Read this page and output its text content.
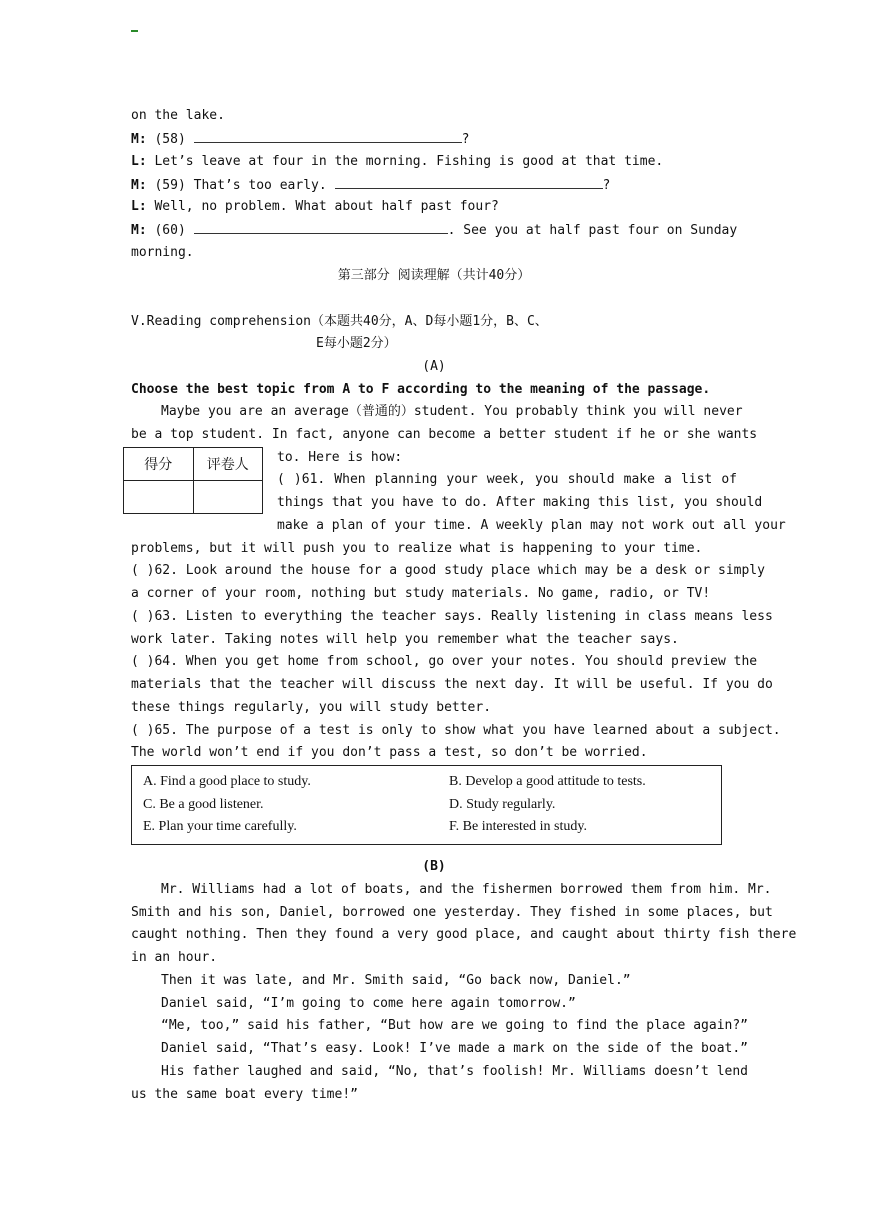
on the lake.
M: (58)	?
L: Let’s leave at four in the morning. Fishing is good at that time.
M: (59) That’s too early.	?
L: Well, no problem. What about half past four?
M: (60)	. See you at half past four on Sunday
morning.
第三部分 阅读理解（共计40分）
V.Reading comprehension（本题共40分，A、D每小题1分，B、C、
E每小题2分）
(A)
Choose the best topic from A to F according to the meaning of the passage.
Maybe you are an average（普通的）student. You probably think you will never
be a top student. In fact, anyone can become a better student if he or she wants
to. Here is how:
( )61. When planning your week, you should make a list of
things that you have to do. After making this list, you should
make a plan of your time. A weekly plan may not work out all your
problems, but it will push you to realize what is happening to your time.
( )62. Look around the house for a good study place which may be a desk or simply
a corner of your room, nothing but study materials. No game, radio, or TV!
( )63. Listen to everything the teacher says. Really listening in class means less
work later. Taking notes will help you remember what the teacher says.
( )64. When you get home from school, go over your notes. You should preview the
materials that the teacher will discuss the next day. It will be useful. If you do
these things regularly, you will study better.
( )65. The purpose of a test is only to show what you have learned about a subject.
The world won’t end if you don’t pass a test, so don’t be worried.
得分	评卷人

A. Find a good place to study.	B. Develop a good attitude to tests.
C. Be a good listener.	D. Study regularly.
E. Plan your time carefully.	F. Be interested in study.
(B)
Mr. Williams had a lot of boats, and the fishermen borrowed them from him. Mr.
Smith and his son, Daniel, borrowed one yesterday. They fished in some places, but
caught nothing. Then they found a very good place, and caught about thirty fish there
in an hour.
Then it was late, and Mr. Smith said, “Go back now, Daniel.”
Daniel said, “I’m going to come here again tomorrow.”
“Me, too,” said his father, “But how are we going to find the place again?”
Daniel said, “That’s easy. Look! I’ve made a mark on the side of the boat.”
His father laughed and said, “No, that’s foolish! Mr. Williams doesn’t lend
us the same boat every time!”
